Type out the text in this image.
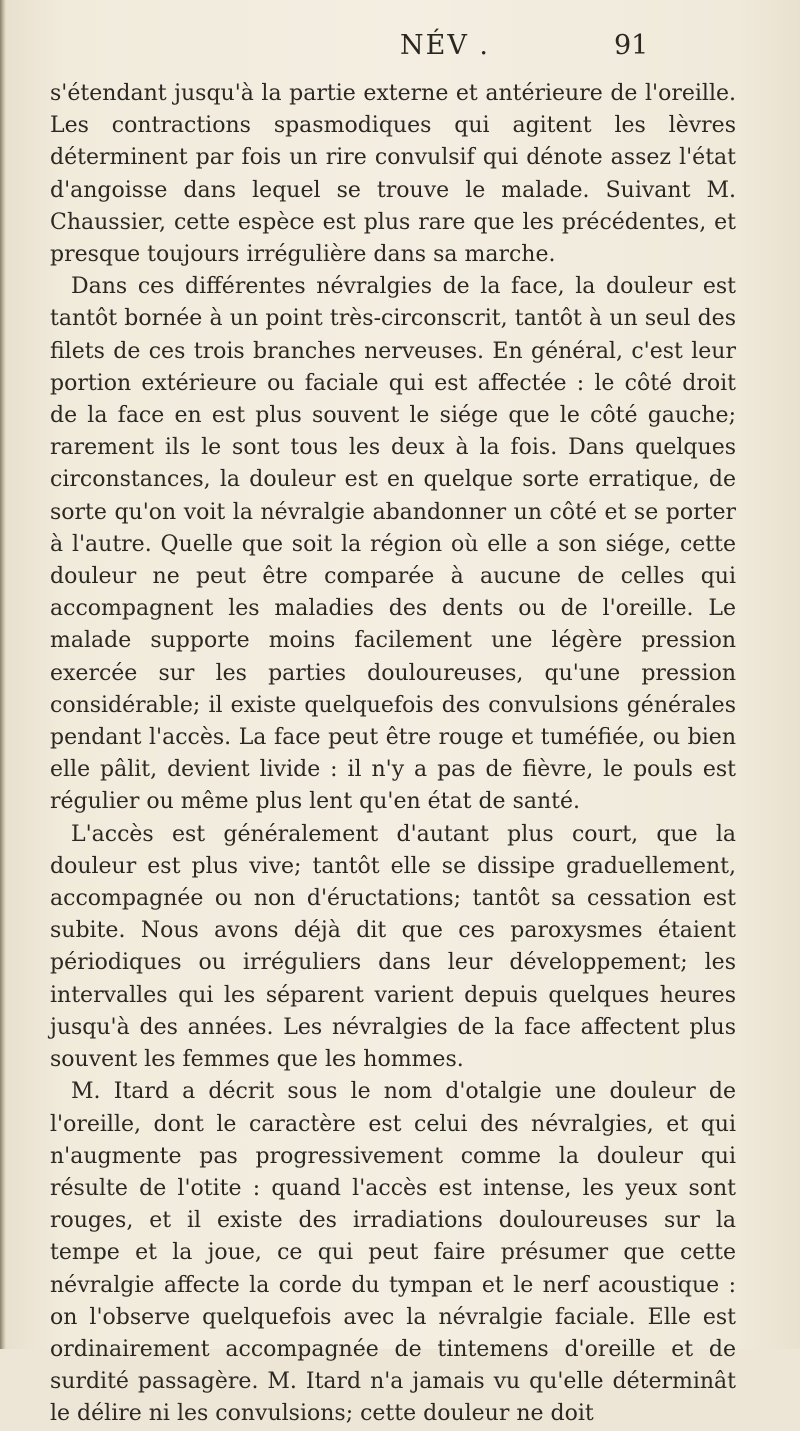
NÉV .	91

s'étendant jusqu'à la partie externe et antérieure de l'oreille. Les contractions spasmodiques qui agitent les lèvres déterminent par fois un rire convulsif qui dénote assez l'état d'angoisse dans lequel se trouve le malade. Suivant M. Chaussier, cette espèce est plus rare que les précédentes, et presque toujours irrégulière dans sa marche.

Dans ces différentes névralgies de la face, la douleur est tantôt bornée à un point très-circonscrit, tantôt à un seul des filets de ces trois branches nerveuses. En général, c'est leur portion extérieure ou faciale qui est affectée : le côté droit de la face en est plus souvent le siége que le côté gauche; rarement ils le sont tous les deux à la fois. Dans quelques circonstances, la douleur est en quelque sorte erratique, de sorte qu'on voit la névralgie abandonner un côté et se porter à l'autre. Quelle que soit la région où elle a son siége, cette douleur ne peut être comparée à aucune de celles qui accompagnent les maladies des dents ou de l'oreille. Le malade supporte moins facilement une légère pression exercée sur les parties douloureuses, qu'une pression considérable; il existe quelquefois des convulsions générales pendant l'accès. La face peut être rouge et tuméfiée, ou bien elle pâlit, devient livide : il n'y a pas de fièvre, le pouls est régulier ou même plus lent qu'en état de santé.

L'accès est généralement d'autant plus court, que la douleur est plus vive; tantôt elle se dissipe graduellement, accompagnée ou non d'éructations; tantôt sa cessation est subite. Nous avons déjà dit que ces paroxysmes étaient périodiques ou irréguliers dans leur développement; les intervalles qui les séparent varient depuis quelques heures jusqu'à des années. Les névralgies de la face affectent plus souvent les femmes que les hommes.

M. Itard a décrit sous le nom d'otalgie une douleur de l'oreille, dont le caractère est celui des névralgies, et qui n'augmente pas progressivement comme la douleur qui résulte de l'otite : quand l'accès est intense, les yeux sont rouges, et il existe des irradiations douloureuses sur la tempe et la joue, ce qui peut faire présumer que cette névralgie affecte la corde du tympan et le nerf acoustique : on l'observe quelquefois avec la névralgie faciale. Elle est ordinairement accompagnée de tintemens d'oreille et de surdité passagère. M. Itard n'a jamais vu qu'elle déterminât le délire ni les convulsions; cette douleur ne doit
